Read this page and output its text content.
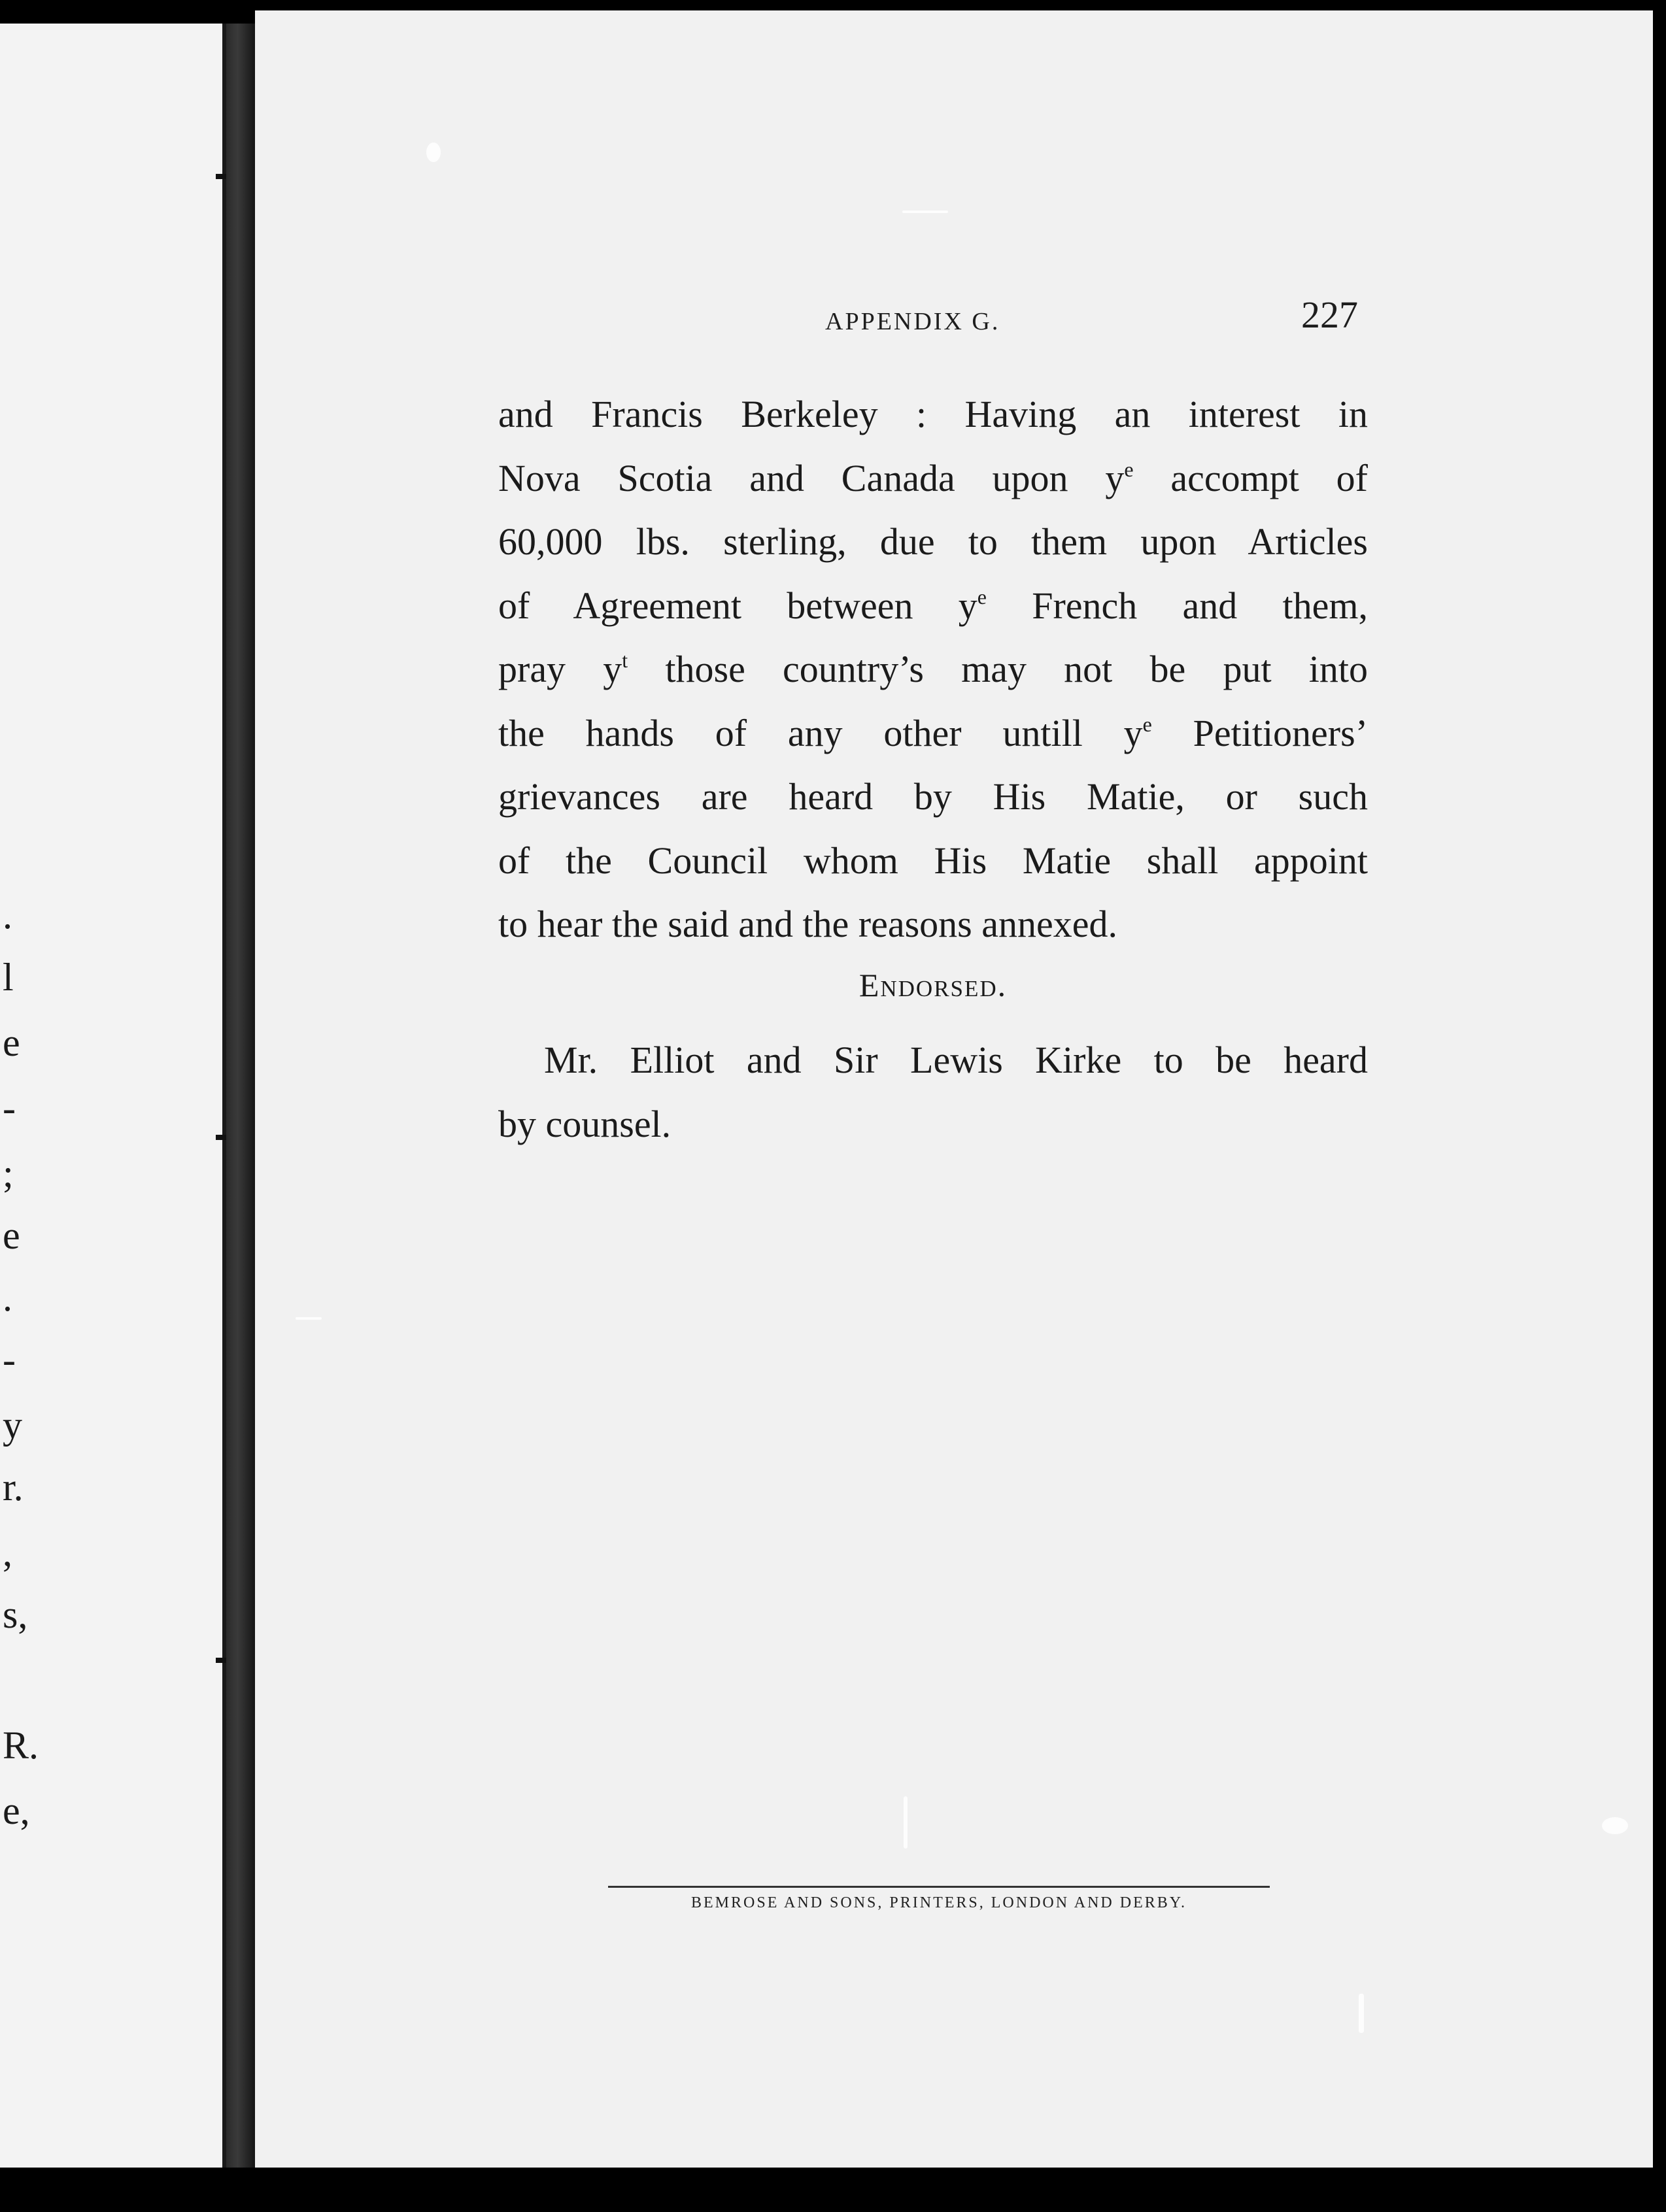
.
l
e
-
;
e
.
-
y
r.
,
s,
R.
e,
APPENDIX G.	227
and Francis Berkeley : Having an interest in
Nova Scotia and Canada upon $y^e$ accompt of
60,000 lbs. sterling, due to them upon Articles
of Agreement between $y^e$ French and them,
pray $y^t$ those country’s may not be put into
the hands of any other untill $y^e$ Petitioners’
grievances are heard by His Matie, or such
of the Council whom His Matie shall appoint
to hear the said and the reasons annexed.
Endorsed.
Mr. Elliot and Sir Lewis Kirke to be heard
by counsel.
BEMROSE AND SONS, PRINTERS, LONDON AND DERBY.
